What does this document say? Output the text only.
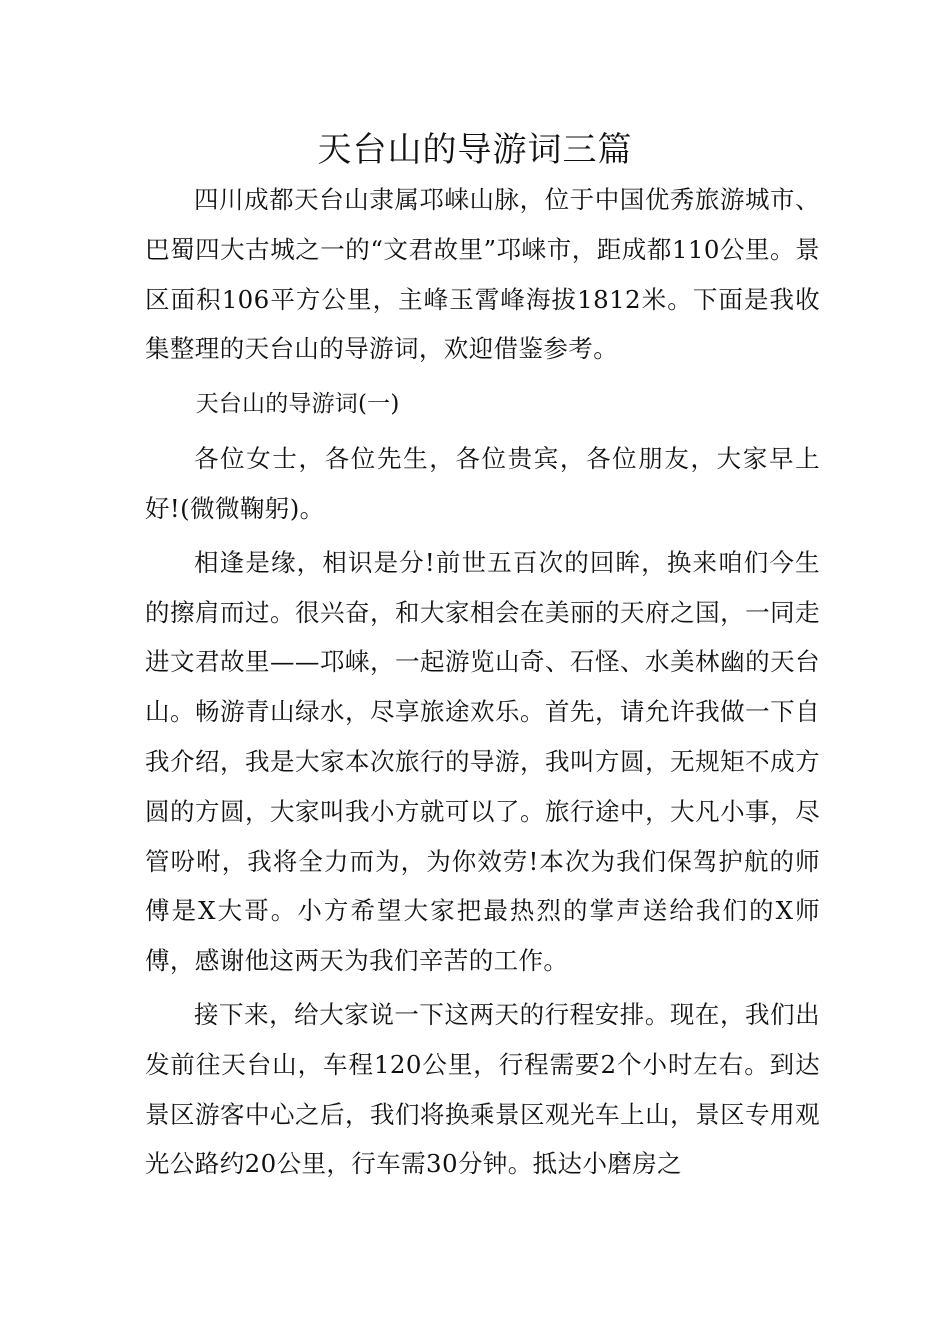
天台山的导游词三篇

四川成都天台山隶属邛崃山脉，位于中国优秀旅游城市、巴蜀四大古城之一的“文君故里”邛崃市，距成都110公里。景区面积106平方公里，主峰玉霄峰海拔1812米。下面是我收集整理的天台山的导游词，欢迎借鉴参考。

天台山的导游词(一)

各位女士，各位先生，各位贵宾，各位朋友，大家早上好!(微微鞠躬)。

相逢是缘，相识是分!前世五百次的回眸，换来咱们今生的擦肩而过。很兴奋，和大家相会在美丽的天府之国，一同走进文君故里——邛崃，一起游览山奇、石怪、水美林幽的天台山。畅游青山绿水，尽享旅途欢乐。首先，请允许我做一下自我介绍，我是大家本次旅行的导游，我叫方圆，无规矩不成方圆的方圆，大家叫我小方就可以了。旅行途中，大凡小事，尽管吩咐，我将全力而为，为你效劳!本次为我们保驾护航的师傅是X大哥。小方希望大家把最热烈的掌声送给我们的X师傅，感谢他这两天为我们辛苦的工作。

接下来，给大家说一下这两天的行程安排。现在，我们出发前往天台山，车程120公里，行程需要2个小时左右。到达景区游客中心之后，我们将换乘景区观光车上山，景区专用观光公路约20公里，行车需30分钟。抵达小磨房之
